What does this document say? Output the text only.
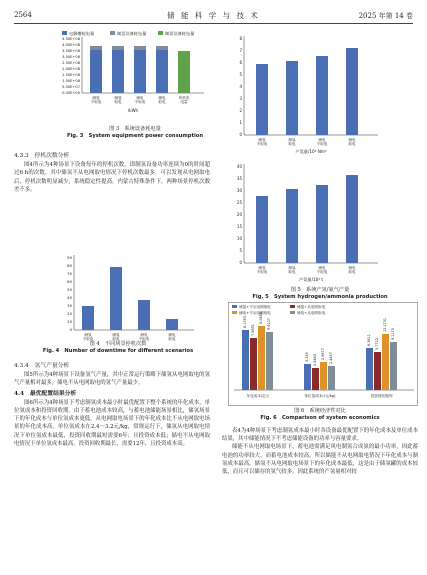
2564	储 能 科 学 与 技 术	2025 年第 14 卷
电解槽耗电量	制氢设备耗电量	制氨设备耗电量
4.50E+08
4.00E+08
3.50E+08
3.00E+08
2.50E+08
2.00E+08
1.50E+08
1.00E+08
5.00E+07
0.00E+00
储氢
不取电
储氢
取电
储电
不取电
储电
取电
风机发
电量
/kWh
图 3　系统设备耗电量
Fig. 3　System equipment power consumption
4.3.3　停机次数分析

图4所示为4种场景下设备每年的停机次数，即制氢设备功率连续为0的时间超过6 h的次数。其中储氢不从电网取电情况下停机次数最多，可以发现从电网取电后，停机次数明显减少，系统稳定性提高。内蒙古特殊条件下，两种场景停机次数差不多。

90
80
70
60
50
40
30
20
10
0
储氢
不取电
储氢
取电
储电
不取电
储电
取电
图 4　不同场景停机次数
Fig. 4　Number of downtime for different scenarios
4.3.4　氢气产量分析

图5所示为4种场景下设备氢气产量，其中正常运行策略下储氢从电网取电的氢气产量相对最多，储电不从电网取电的氢气产量最少。

4.4　最优配置结果分析

图6所示为4种场景下考虑制氢成本最小时最优配置下整个系统的年化成本、单位氢成本和投资回收期。由于蓄电池成本较高，与蓄电池储能场景相比，储氢场景下的年化成本与单位氢成本更低。从电网取电场景下的年化成本比不从电网取电场景的年化成本高，单位氢成本在2.4～3.2元/kg，常规运行下，储氢从电网取电情况下单位氢成本最低，投资回收期最短需要6年；且投资成本低；储电不从电网取电情况下单位氢成本最高，投资回收期最长，需要12年，且投资成本高。

8
7
6
5
4
3
2
1
0
储氢
不取电
储氢
取电
储电
不取电
储电
取电
产氢量/10⁴ Nm³
40
35
30
25
20
15
10
5
0
储氢
不取电
储氢
取电
储电
不取电
储电
取电
产氨量/10⁴ t
图 5　系统产氢/氨气产量
Fig. 5　System hydrogen/ammonia production
储氢+不从电网取电	储氢+从电网取电
储电+不从电网取电	储电+从电网取电
8.1783
7.5891
9.0848
9.6107
3.259 2.5463
2.9877 2.4457
6.3811 5.7722
12.1731
9.1173
年化成本/亿元	单位氢成本/(元/kg)	投资回收期/年
图 6　系统经济性对比
Fig. 6　Comparison of system economics

表4为4种场景下考虑制氢成本最小时各设备最优配置下的年化成本及单位成本结果，其中储能情况下不考虑储能设备的功率与容量要求。

储能不从电网取电场景下，蓄电池需满足风电制氢合成氨的最小功率，因此蓄电池的功率较大，而蓄电池成本较高，所以储能不从电网取电情况下年化成本与制氢成本最高。储氢不从电网取电场景下的年化成本最低，这是由于储氢罐的成本较低，而且可以储存的氢气较多，因此系统的产氢量相对较
